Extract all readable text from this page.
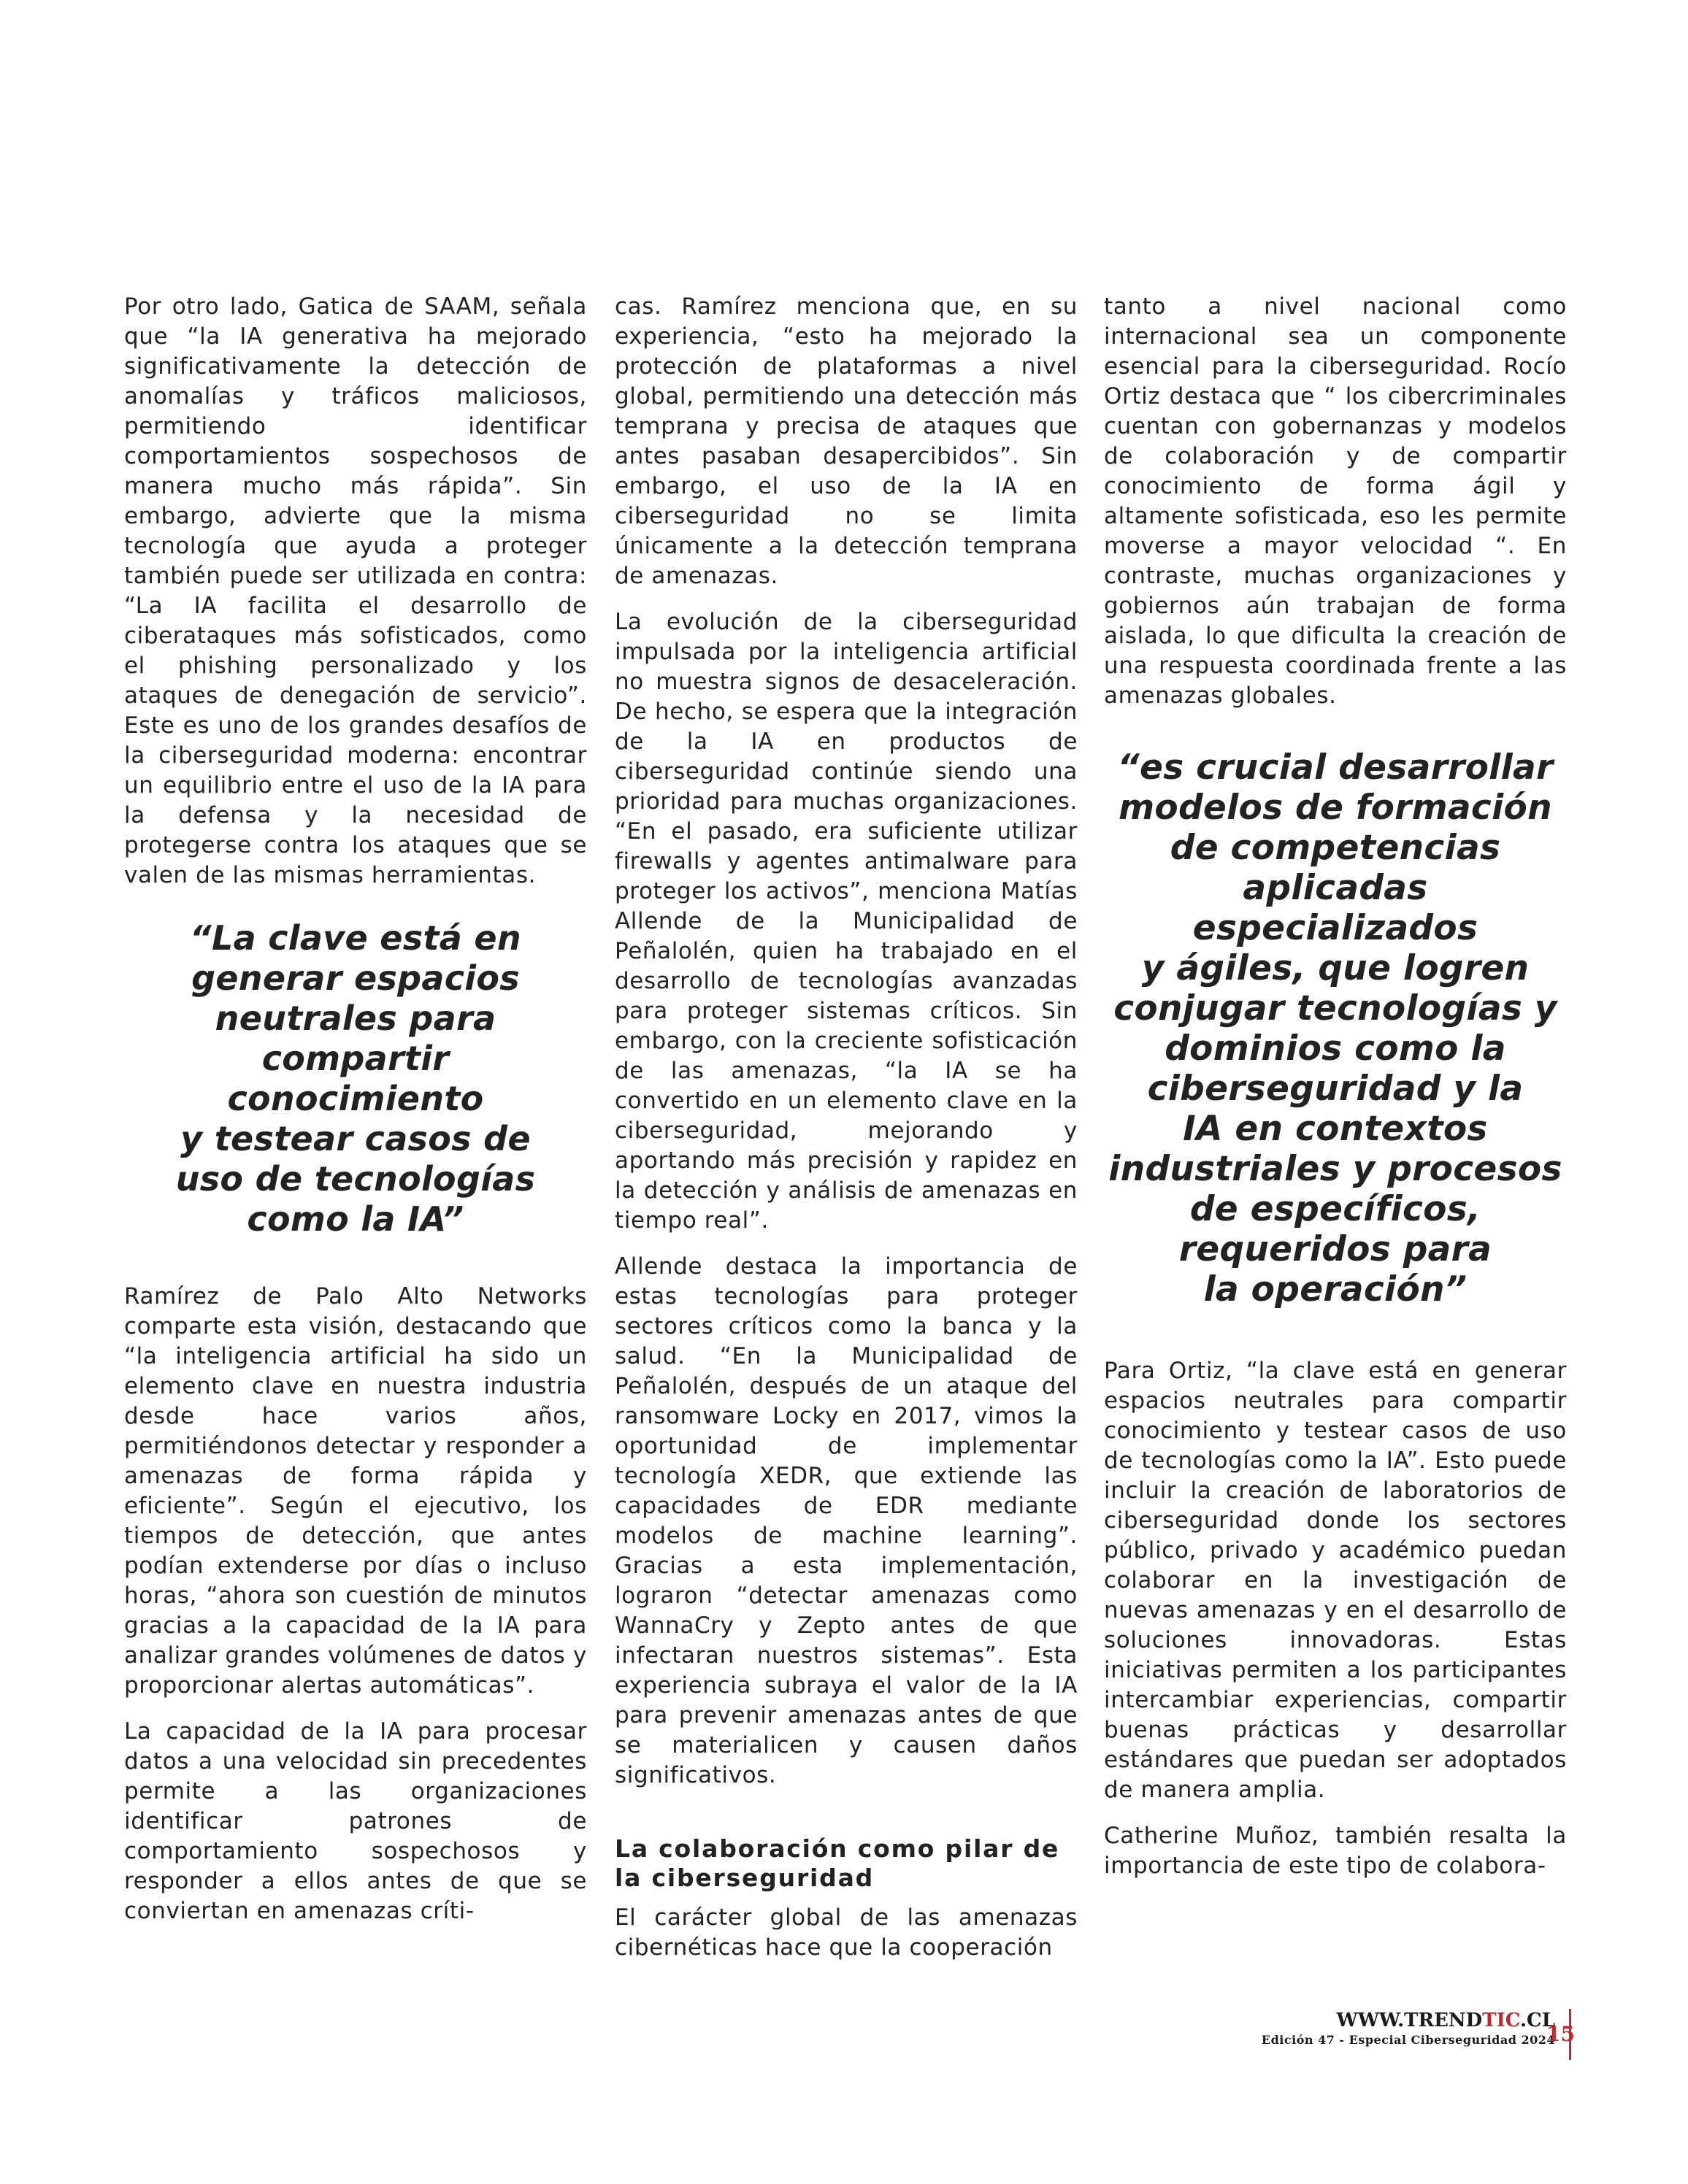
Por otro lado, Gatica de SAAM, señala que “la IA generativa ha mejorado significativamente la detección de anomalías y tráficos maliciosos, permitiendo identificar comportamientos sospechosos de manera mucho más rápida”. Sin embargo, advierte que la misma tecnología que ayuda a proteger también puede ser utilizada en contra: “La IA facilita el desarrollo de ciberataques más sofisticados, como el phishing personalizado y los ataques de denegación de servicio”. Este es uno de los grandes desafíos de la ciberseguridad moderna: encontrar un equilibrio entre el uso de la IA para la defensa y la necesidad de protegerse contra los ataques que se valen de las mismas herramientas.

“La clave está en
generar espacios
neutrales para
compartir
conocimiento
y testear casos de
uso de tecnologías
como la IA”

Ramírez de Palo Alto Networks comparte esta visión, destacando que “la inteligencia artificial ha sido un elemento clave en nuestra industria desde hace varios años, permitiéndonos detectar y responder a amenazas de forma rápida y eficiente”. Según el ejecutivo, los tiempos de detección, que antes podían extenderse por días o incluso horas, “ahora son cuestión de minutos gracias a la capacidad de la IA para analizar grandes volúmenes de datos y proporcionar alertas automáticas”.

La capacidad de la IA para procesar datos a una velocidad sin precedentes permite a las organizaciones identificar patrones de comportamiento sospechosos y responder a ellos antes de que se conviertan en amenazas críti-

cas. Ramírez menciona que, en su experiencia, “esto ha mejorado la protección de plataformas a nivel global, permitiendo una detección más temprana y precisa de ataques que antes pasaban desapercibidos”. Sin embargo, el uso de la IA en ciberseguridad no se limita únicamente a la detección temprana de amenazas.

La evolución de la ciberseguridad impulsada por la inteligencia artificial no muestra signos de desaceleración. De hecho, se espera que la integración de la IA en productos de ciberseguridad continúe siendo una prioridad para muchas organizaciones. “En el pasado, era suficiente utilizar firewalls y agentes antimalware para proteger los activos”, menciona Matías Allende de la Municipalidad de Peñalolén, quien ha trabajado en el desarrollo de tecnologías avanzadas para proteger sistemas críticos. Sin embargo, con la creciente sofisticación de las amenazas, “la IA se ha convertido en un elemento clave en la ciberseguridad, mejorando y aportando más precisión y rapidez en la detección y análisis de amenazas en tiempo real”.

Allende destaca la importancia de estas tecnologías para proteger sectores críticos como la banca y la salud. “En la Municipalidad de Peñalolén, después de un ataque del ransomware Locky en 2017, vimos la oportunidad de implementar tecnología XEDR, que extiende las capacidades de EDR mediante modelos de machine learning”. Gracias a esta implementación, lograron “detectar amenazas como WannaCry y Zepto antes de que infectaran nuestros sistemas”. Esta experiencia subraya el valor de la IA para prevenir amenazas antes de que se materialicen y causen daños significativos.

La colaboración como pilar de la ciberseguridad

El carácter global de las amenazas cibernéticas hace que la cooperación

tanto a nivel nacional como internacional sea un componente esencial para la ciberseguridad. Rocío Ortiz destaca que “ los cibercriminales cuentan con gobernanzas y modelos de colaboración y de compartir conocimiento de forma ágil y altamente sofisticada, eso les permite moverse a mayor velocidad “. En contraste, muchas organizaciones y gobiernos aún trabajan de forma aislada, lo que dificulta la creación de una respuesta coordinada frente a las amenazas globales.

“es crucial desarrollar
modelos de formación
de competencias
aplicadas
especializados
y ágiles, que logren
conjugar tecnologías y
dominios como la
ciberseguridad y la
IA en contextos
industriales y procesos
de específicos,
requeridos para
la operación”

Para Ortiz, “la clave está en generar espacios neutrales para compartir conocimiento y testear casos de uso de tecnologías como la IA”. Esto puede incluir la creación de laboratorios de ciberseguridad donde los sectores público, privado y académico puedan colaborar en la investigación de nuevas amenazas y en el desarrollo de soluciones innovadoras. Estas iniciativas permiten a los participantes intercambiar experiencias, compartir buenas prácticas y desarrollar estándares que puedan ser adoptados de manera amplia.

Catherine Muñoz, también resalta la importancia de este tipo de colabora-

WWW.TRENDTIC.CL
Edición 47 - Especial Ciberseguridad 2024
15
